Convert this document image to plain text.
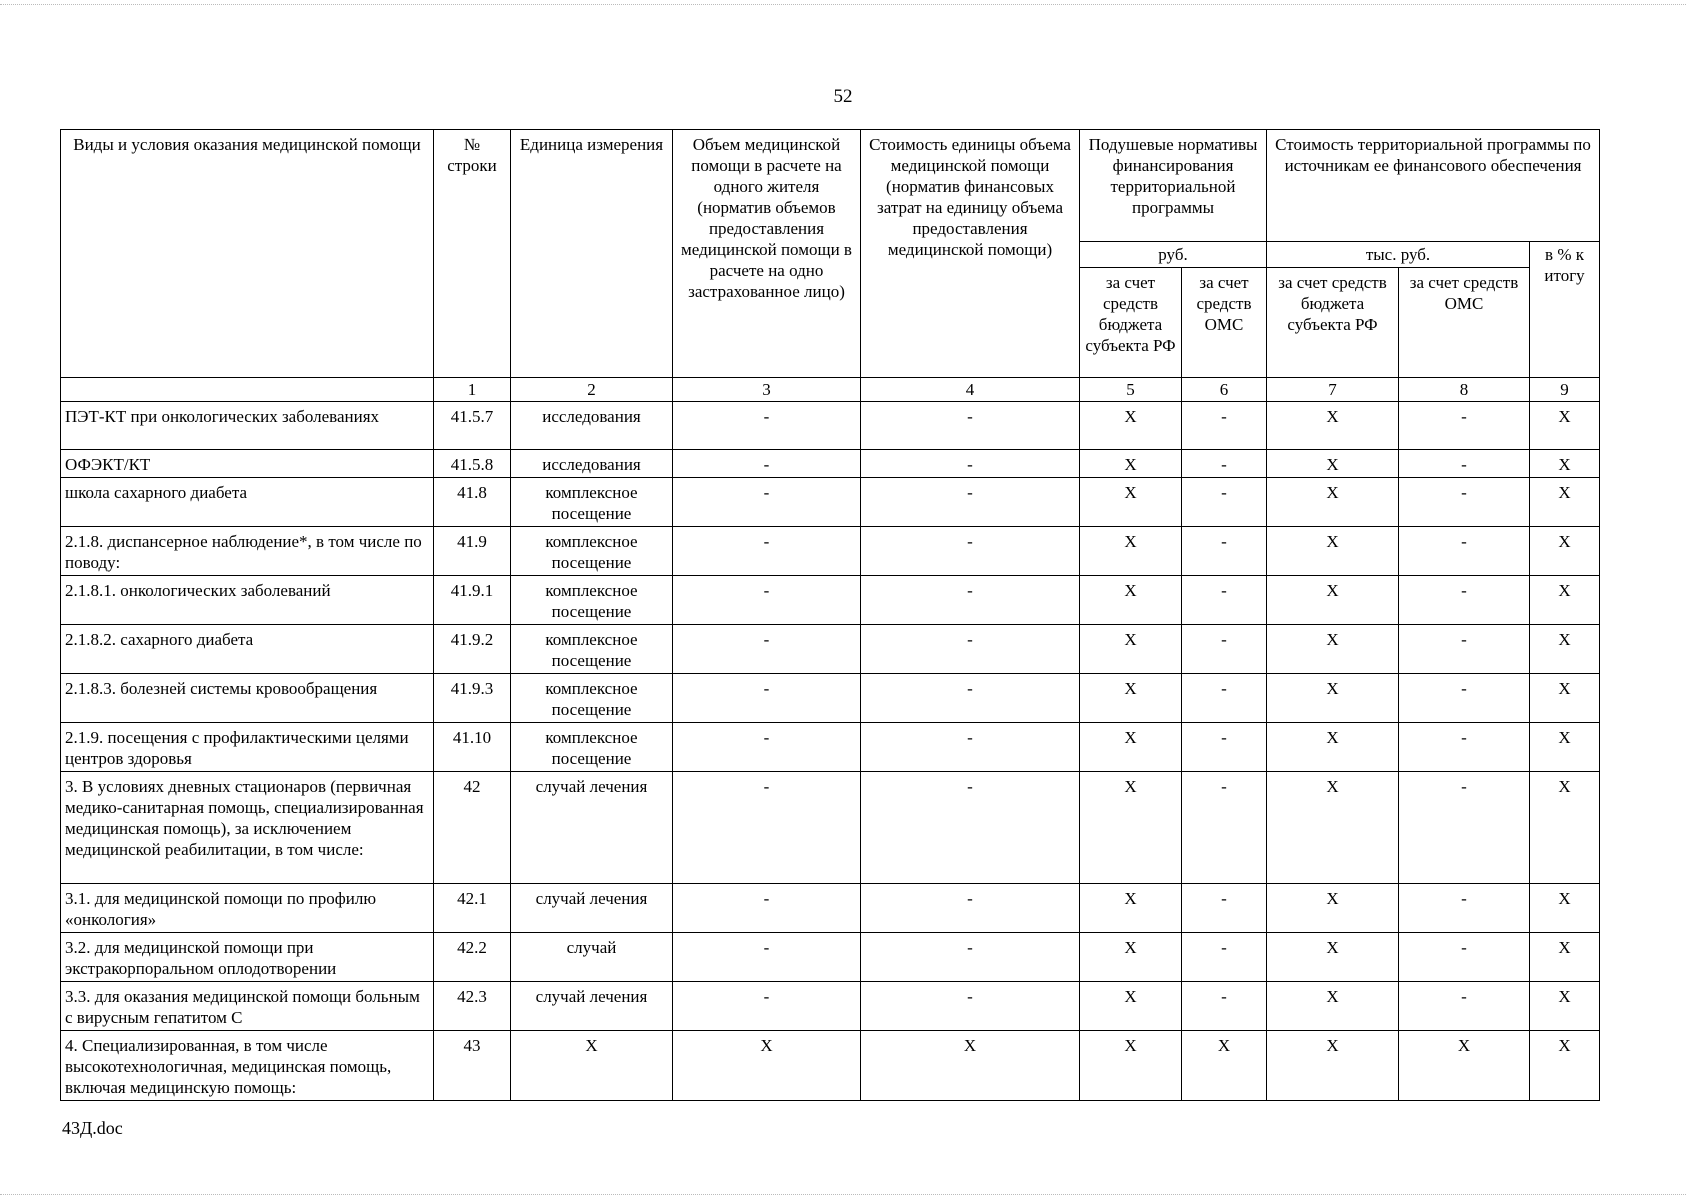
52
Виды и условия оказания медицинской помощи	№ строки	Единица измерения	Объем медицинской помощи в расчете на одного жителя (норматив объемов предоставления медицинской помощи в расчете на одно застрахованное лицо)	Стоимость единицы объема медицинской помощи (норматив финансовых затрат на единицу объема предоставления медицинской помощи)	Подушевые нормативы финансирования территориальной программы		Стоимость территориальной программы по источникам ее финансового обеспечения		
					руб.		тыс. руб.		в % к итогу
					за счет средств бюджета субъекта РФ	за счет средств ОМС	за счет средств бюджета субъекта РФ	за счет средств ОМС	
	1	2	3	4	5	6	7	8	9
ПЭТ-КТ при онкологических заболеваниях	41.5.7	исследования	-	-	X	-	X	-	X
ОФЭКТ/КТ	41.5.8	исследования	-	-	X	-	X	-	X
школа сахарного диабета	41.8	комплексное посещение	-	-	X	-	X	-	X
2.1.8. диспансерное наблюдение*, в том числе по поводу:	41.9	комплексное посещение	-	-	X	-	X	-	X
2.1.8.1. онкологических заболеваний	41.9.1	комплексное посещение	-	-	X	-	X	-	X
2.1.8.2. сахарного диабета	41.9.2	комплексное посещение	-	-	X	-	X	-	X
2.1.8.3. болезней системы кровообращения	41.9.3	комплексное посещение	-	-	X	-	X	-	X
2.1.9. посещения с профилактическими целями центров здоровья	41.10	комплексное посещение	-	-	X	-	X	-	X
3. В условиях дневных стационаров (первичная медико-санитарная помощь, специализированная медицинская помощь), за исключением медицинской реабилитации, в том числе:	42	случай лечения	-	-	X	-	X	-	X
3.1. для медицинской помощи по профилю «онкология»	42.1	случай лечения	-	-	X	-	X	-	X
3.2. для медицинской помощи при экстракорпоральном оплодотворении	42.2	случай	-	-	X	-	X	-	X
3.3. для оказания медицинской помощи больным с вирусным гепатитом С	42.3	случай лечения	-	-	X	-	X	-	X
4. Специализированная, в том числе высокотехнологичная, медицинская помощь, включая медицинскую помощь:	43	X	X	X	X	X	X	X	X
43Д.doc
